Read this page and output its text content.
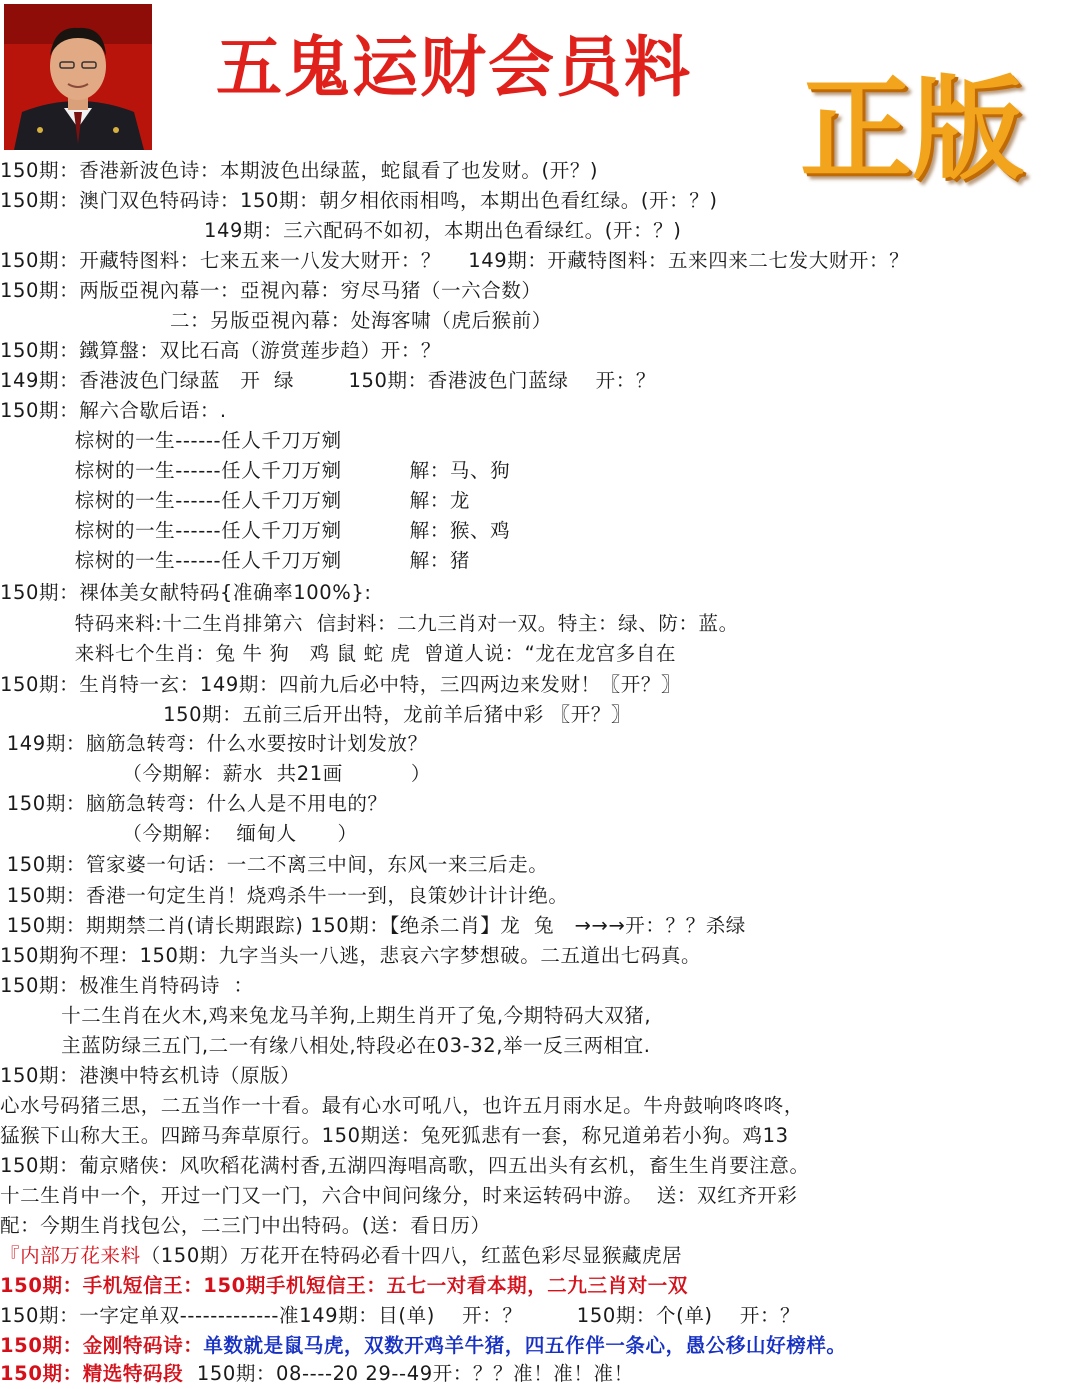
五鬼运财会员料 正版
150期：香港新波色诗：本期波色出绿蓝，蛇鼠看了也发财。(开？)
150期：澳门双色特码诗：150期：朝夕相依雨相鸣，本期出色看红绿。(开：？)
149期：三六配码不如初，本期出色看绿红。(开：？)
150期：开藏特图料：七来五来一八发大财开：？    149期：开藏特图料：五来四来二七发大财开：？
150期：两版亞視內幕一：亞視內幕：穷尽马猪（一六合数）
二：另版亞視內幕：处海客啸（虎后猴前）
150期：鐵算盤：双比石高（游赏莲步趋）开：？
149期：香港波色门绿蓝   开  绿        150期：香港波色门蓝绿    开：？
150期：解六合歇后语：.
棕树的一生------任人千刀万剜
棕树的一生------任人千刀万剜          解：马、狗
棕树的一生------任人千刀万剜          解：龙
棕树的一生------任人千刀万剜          解：猴、鸡
棕树的一生------任人千刀万剜          解：猪
150期：裸体美女献特码{准确率100%}:
特码来料:十二生肖排第六  信封料：二九三肖对一双。特主：绿、防：蓝。
来料七个生肖：兔 牛 狗   鸡 鼠 蛇 虎  曾道人说：“龙在龙宫多自在
150期：生肖特一玄：149期：四前九后必中特，三四两边来发财！〖开？〗
150期：五前三后开出特，龙前羊后猪中彩 〖开？〗
149期：脑筋急转弯：什么水要按时计划发放？
（今期解：薪水  共21画          ）
150期：脑筋急转弯：什么人是不用电的？
（今期解：  缅甸人      ）
150期：管家婆一句话：一二不离三中间，东风一来三后走。
150期：香港一句定生肖！烧鸡杀牛一一到，良策妙计计计绝。
150期：期期禁二肖(请长期跟踪) 150期：【绝杀二肖】龙  兔   →→→开：？？杀绿
150期狗不理：150期：九字当头一八逃，悲哀六字梦想破。二五道出七码真。
150期：极准生肖特码诗  ：
十二生肖在火木,鸡来兔龙马羊狗,上期生肖开了兔,今期特码大双猪,
主蓝防绿三五门,二一有缘八相处,特段必在03-32,举一反三两相宜.
150期：港澳中特玄机诗（原版）
心水号码猪三思，二五当作一十看。最有心水可吼八，也许五月雨水足。牛舟鼓响咚咚咚，
猛猴下山称大王。四蹄马奔草原行。150期送：兔死狐悲有一套，称兄道弟若小狗。鸡13
150期：葡京赌侠：风吹稻花满村香,五湖四海唱高歌，四五出头有玄机，畜生生肖要注意。
十二生肖中一个，开过一门又一门，六合中间问缘分，时来运转码中游。  送：双红齐开彩
配：今期生肖找包公，二三门中出特码。(送：看日历）
『内部万花来料（150期）万花开在特码必看十四八，红蓝色彩尽显猴藏虎居
150期：手机短信王：150期手机短信王：五七一对看本期，二九三肖对一双
150期：一字定单双-------------准149期：目(单)    开：？        150期：个(单)    开：？
150期：金刚特码诗：单数就是鼠马虎，双数开鸡羊牛猪，四五作伴一条心，愚公移山好榜样。
150期：精选特码段  150期：08----20 29--49开：？？准！准！准！
